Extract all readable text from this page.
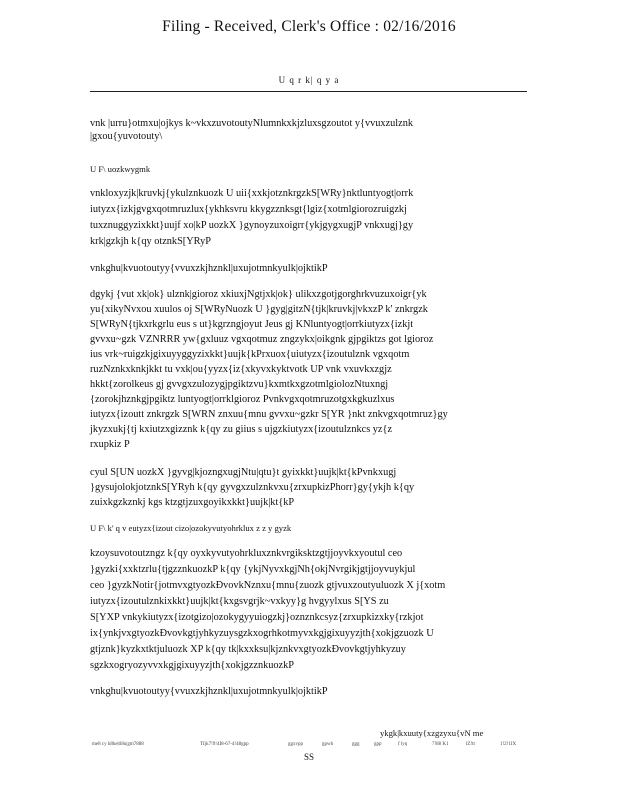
Filing - Received, Clerk's Office : 02/16/2016
U q r k| q y a
vnk |urru}otmxu|ojkys k~vkxzuvotoutyNlumnkxkjzluxsgzoutot y{vvuxzulznk
|gxou{yuvotouty\
U F\ uozkwygmk
vnkloxyzjk|kruvkj{ykulznkuozk U uii{xxkjotznkrgzkS[WRy}nktluntyogt|orrk
iutyzx{izkjgvgxqotmruzlux{ykhksvru kkygzznksgt{lgiz{xotmlgiorozruigzkj
tuxznuggyzixkkt}uujf xo|kP uozkX }gynoyzuxoigrr{ykjgygxugjP vnkxugj}gy
krk|gzkjh k{qy otznkS[YRyP
vnkghu|kvuotoutyy{vvuxzkjhznkl|uxujotmnkyulk|ojktikP
dgykj {vut xk|ok} ulznk|gioroz xkiuxjNgtjxk|ok} ulikxzgotjgorghrkvuzuxoigr{yk
yu{xikyNvxou xuulos oj S[WRyNuozk U }gyg|gitzN{tjk|kruvkj|vkxzP k' znkrgzk
S[WRyN{tjkxrkgrlu eus s ut}kgrzngjoyut Jeus gj KNluntyogt|orrkiutyzx{izkjt
gvvxu~gzk VZNRRR yw{gxluuz vgxqotmuz zngzykx|oikgnk gjpgiktzs got lgioroz
ius vrk~ruigzkjgixuyyggyzixkkt}uujk{kPrxuox{uiutyzx{izoutulznk vgxqotm
ruzNznkxknkjkkt tu vxk|ou{yyzx{iz{xkyvxkyktvotk UP vnk vxuvkxzgjz
hkkt{zorolkeus gj gvvgxzulozygjpgiktzvu}kxmtkxgzotmlgiolozNtuxngj
{zorokjhznkgjpgiktz luntyogt|orrklgioroz Pvnkvgxqotmruzotgxkgkuzlxus
iutyzx{izoutt znkrgzk S[WRN znxuu{mnu gvvxu~gzkr S[YR }nkt znkvgxqotmruz}gy
jkyzxukj{tj kxiutzxgizznk k{qy zu giius s ujgzkiutyzx{izoutulznkcs yz{z
rxupkiz P
cyul S[UN uozkX }gyvg|kjozngxugjNtu|qtu}t gyixkkt}uujk|kt{kPvnkxugj
}gysujolokjotznkS[YRyh k{qy gyvgxzulznkvxu{zrxupkizPhorr}gy{ykjh k{qy
zuixkgzkznkj kgs ktzgtjzuxgoyikxkkt}uujk|kt{kP
U F\ k' q v eutyzx{izout cizo|ozokyvutyohrklux z z y gyzk
kzoysuvotoutzngz k{qy oyxkyvutyohrkluxznkvrgiksktzgtjjoyvkxyoutul ceo
}gyzki{xxktzrlu{tjgzznkuozkP k{qy {ykjNyvxkgjNh{okjNvrgikjgtjjoyvuykjul
ceo }gyzkNotir{jotmvxgtyozkÐvovkNznxu{mnu{zuozk gtjvuxzoutyuluozk X j{xotm
iutyzx{izoutulznkixkkt}uujk|kt{kxgsvgrjk~vxkyy}g hvgyylxus S[YS zu
S[YXP vnkykiutyzx{izotgizo|ozokygyyuiogzkj}oznznkcsyz{zrxupkizxky{rzkjot
ix{ynkjvxgtyozkÐvovkgtjyhkyzuysgzkxogrhkotmyvxkgjgixuyyzjth{xokjgzuozk U
gtjznk}kyzkxtktjuluozk XP k{qy tk|kxxksu|kjznkvxgtyozkÐvovkgtjyhkyzuy
sgzkxogryozyvvxkgjgixuyyzjth{xokjgzznkuozkP
vnkghu|kvuotoutyy{vvuxzkjhznkl|uxujotmnkyulk|ojktikP
ykgk|kxuuty{xzgzyxu{vN me
me8 cy k8ke|tl8u|gm7888	TIjk7!9!4I8-67-4!48gpp	ggxvpp	gpwh	ggg	gpp	f lyq	7!88 K1	lZ!tt	1!2!1IX
SS
